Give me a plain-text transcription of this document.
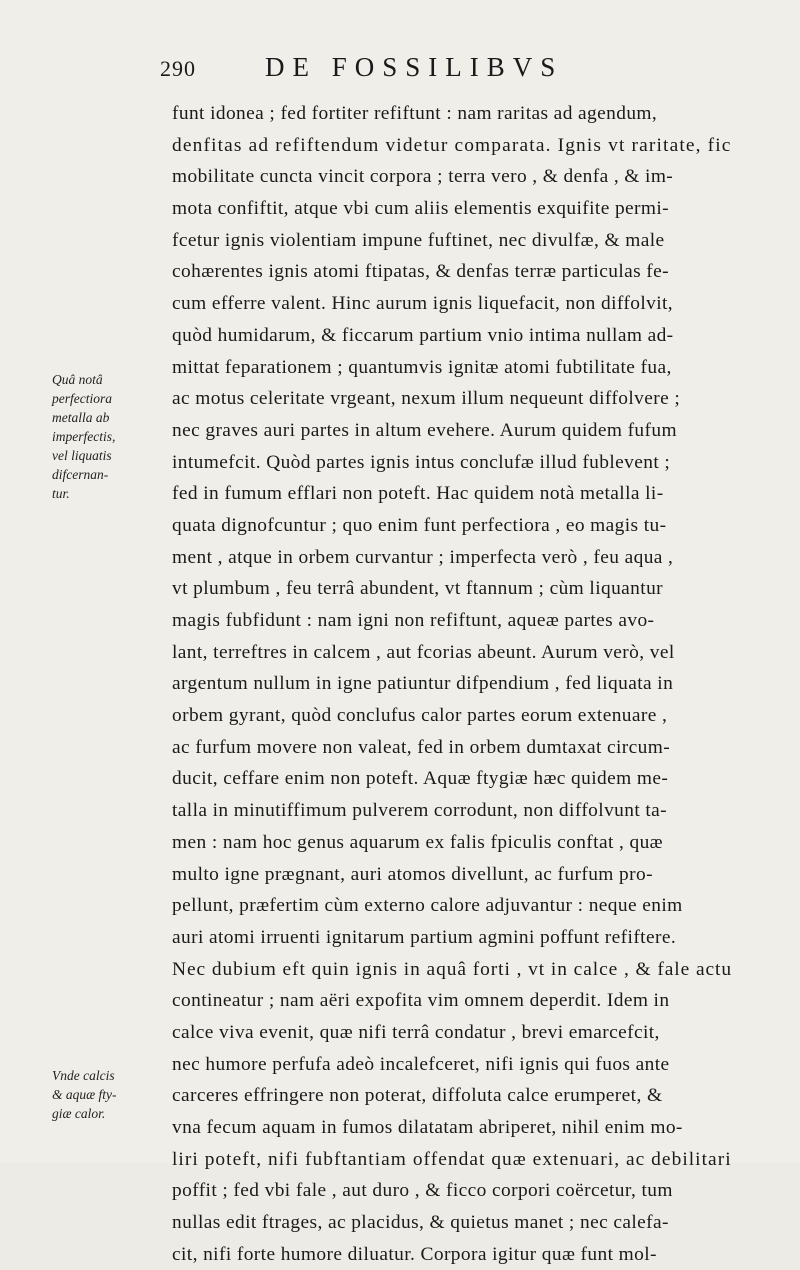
290	DE FOSSILIBVS
Quâ notâ
perfectiora
metalla ab
imperfectis,
vel liquatis
difcernan-
tur.
Vnde calcis
& aquæ fty-
giæ calor.
funt idonea ; fed fortiter refiftunt : nam raritas ad agendum,
denfitas ad refiftendum videtur comparata. Ignis vt raritate, fic
mobilitate cuncta vincit corpora ; terra vero , & denfa , & im-
mota confiftit, atque vbi cum aliis elementis exquifite permi-
fcetur ignis violentiam impune fuftinet, nec divulfæ, & male
cohærentes ignis atomi ftipatas, & denfas terræ particulas fe-
cum efferre valent. Hinc aurum ignis liquefacit, non diffolvit,
quòd humidarum, & ficcarum partium vnio intima nullam ad-
mittat feparationem ; quantumvis ignitæ atomi fubtilitate fua,
ac motus celeritate vrgeant, nexum illum nequeunt diffolvere ;
nec graves auri partes in altum evehere. Aurum quidem fufum
intumefcit. Quòd partes ignis intus conclufæ illud fublevent ;
fed in fumum efflari non poteft. Hac quidem notà metalla li-
quata dignofcuntur ; quo enim funt perfectiora , eo magis tu-
ment , atque in orbem curvantur ; imperfecta verò , feu aqua ,
vt plumbum , feu terrâ abundent, vt ftannum ; cùm liquantur
magis fubfidunt : nam igni non refiftunt, aqueæ partes avo-
lant, terreftres in calcem , aut fcorias abeunt. Aurum verò, vel
argentum nullum in igne patiuntur difpendium , fed liquata in
orbem gyrant, quòd conclufus calor partes eorum extenuare ,
ac furfum movere non valeat, fed in orbem dumtaxat circum-
ducit, ceffare enim non poteft. Aquæ ftygiæ hæc quidem me-
talla in minutiffimum pulverem corrodunt, non diffolvunt ta-
men : nam hoc genus aquarum ex falis fpiculis conftat , quæ
multo igne prægnant, auri atomos divellunt, ac furfum pro-
pellunt, præfertim cùm externo calore adjuvantur : neque enim
auri atomi irruenti ignitarum partium agmini poffunt refiftere.
Nec dubium eft quin ignis in aquâ forti , vt in calce , & fale actu
contineatur ; nam aëri expofita vim omnem deperdit. Idem in
calce viva evenit, quæ nifi terrâ condatur , brevi emarcefcit,
nec humore perfufa adeò incalefceret, nifi ignis qui fuos ante
carceres effringere non poterat, diffoluta calce erumperet, &
vna fecum aquam in fumos dilatatam abriperet, nihil enim mo-
liri poteft, nifi fubftantiam offendat quæ extenuari, ac debilitari
poffit ; fed vbi fale , aut duro , & ficco corpori coërcetur, tum
nullas edit ftrages, ac placidus, & quietus manet ; nec calefa-
cit, nifi forte humore diluatur. Corpora igitur quæ funt mol-
